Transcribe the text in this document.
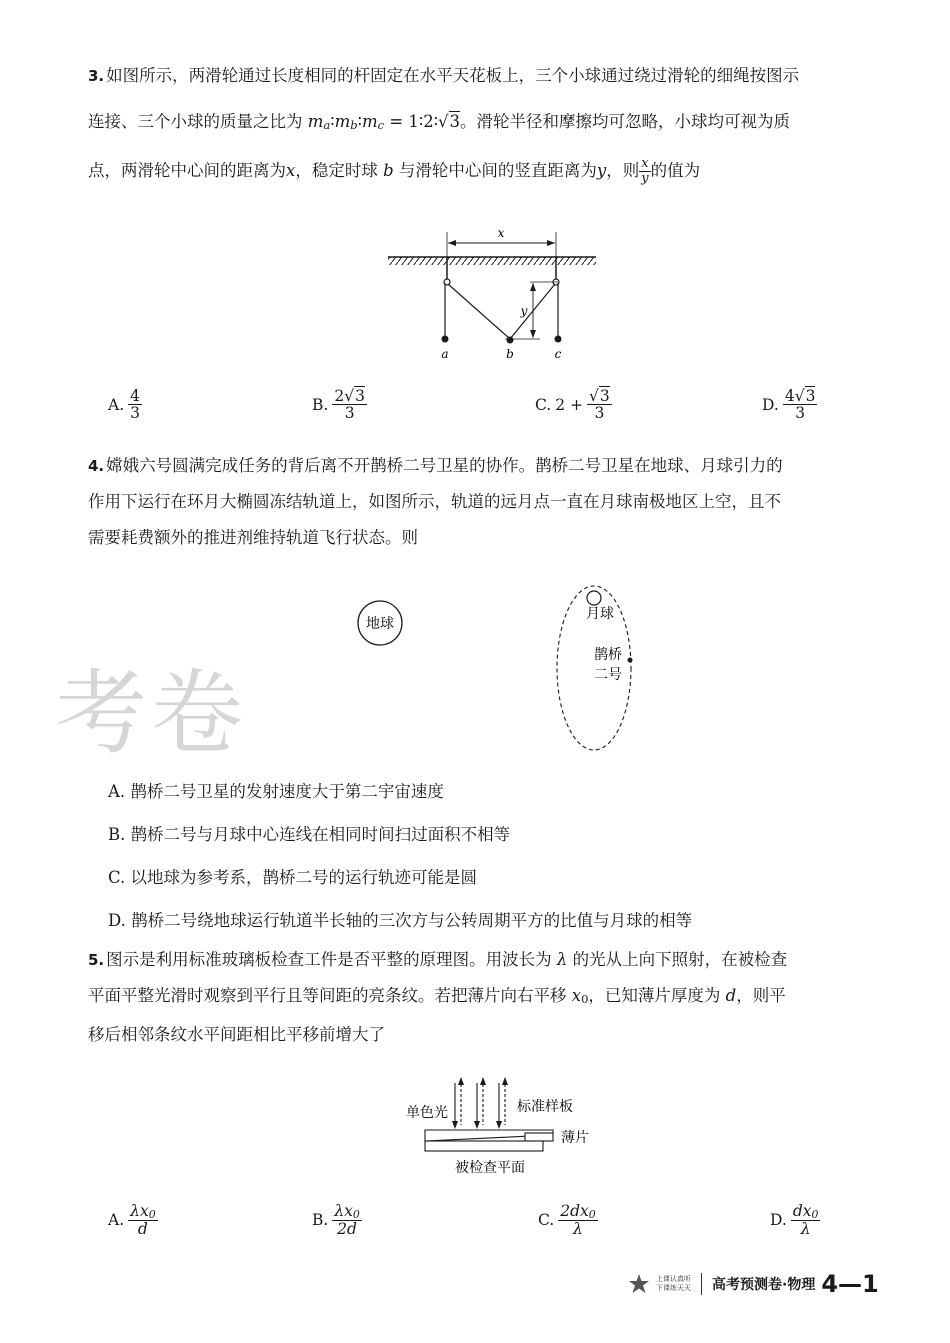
3. 如图所示，两滑轮通过长度相同的杆固定在水平天花板上，三个小球通过绕过滑轮的细绳按图示
连接、三个小球的质量之比为 ma∶mb∶mc = 1∶2∶√3。滑轮半径和摩擦均可忽略，小球均可视为质
点，两滑轮中心间的距离为x，稳定时球 b 与滑轮中心间的竖直距离为y，则 $\frac{x}{y}$ 的值为
x
y
a	b	c
A. $\frac{4}{3}$	B. $\frac{2√3}{3}$	C. $2 + \frac{√3}{3}$	D. $\frac{4√3}{3}$
4. 嫦娥六号圆满完成任务的背后离不开鹊桥二号卫星的协作。鹊桥二号卫星在地球、月球引力的
作用下运行在环月大椭圆冻结轨道上，如图所示，轨道的远月点一直在月球南极地区上空，且不
需要耗费额外的推进剂维持轨道飞行状态。则
地球
月球
鹊桥
二号
考卷
A. 鹊桥二号卫星的发射速度大于第二宇宙速度
B. 鹊桥二号与月球中心连线在相同时间扫过面积不相等
C. 以地球为参考系，鹊桥二号的运行轨迹可能是圆
D. 鹊桥二号绕地球运行轨道半长轴的三次方与公转周期平方的比值与月球的相等
5. 图示是利用标准玻璃板检查工件是否平整的原理图。用波长为 λ 的光从上向下照射，在被检查
平面平整光滑时观察到平行且等间距的亮条纹。若把薄片向右平移 x0，已知薄片厚度为 d，则平
移后相邻条纹水平间距相比平移前增大了
单色光	标准样板
薄片
被检查平面
A. $\frac{\lambda x0}{d}$	B. $\frac{\lambda x0}{2d}$	C. $\frac{2dx0}{\lambda}$	D. $\frac{dx0}{\lambda}$
上课认真听
下课练天天 高考预测卷·物理 4—1
